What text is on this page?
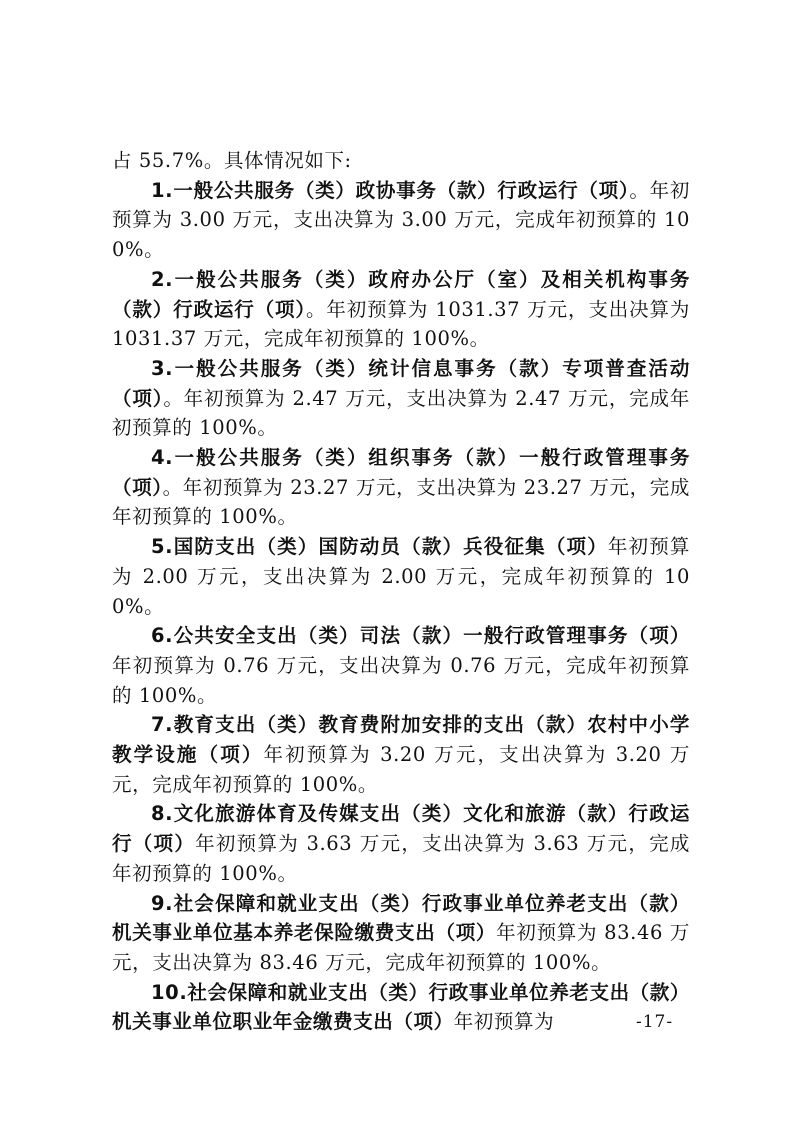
占 55.7%。具体情况如下:

1.一般公共服务（类）政协事务（款）行政运行（项）。年初预算为 3.00 万元，支出决算为 3.00 万元，完成年初预算的 100%。

2.一般公共服务（类）政府办公厅（室）及相关机构事务（款）行政运行（项）。年初预算为 1031.37 万元，支出决算为 1031.37 万元，完成年初预算的 100%。

3.一般公共服务（类）统计信息事务（款）专项普查活动（项）。年初预算为 2.47 万元，支出决算为 2.47 万元，完成年初预算的 100%。

4.一般公共服务（类）组织事务（款）一般行政管理事务（项）。年初预算为 23.27 万元，支出决算为 23.27 万元，完成年初预算的 100%。

5.国防支出（类）国防动员（款）兵役征集（项）年初预算为 2.00 万元，支出决算为 2.00 万元，完成年初预算的 100%。

6.公共安全支出（类）司法（款）一般行政管理事务（项）年初预算为 0.76 万元，支出决算为 0.76 万元，完成年初预算的 100%。

7.教育支出（类）教育费附加安排的支出（款）农村中小学教学设施（项）年初预算为 3.20 万元，支出决算为 3.20 万元，完成年初预算的 100%。

8.文化旅游体育及传媒支出（类）文化和旅游（款）行政运行（项）年初预算为 3.63 万元，支出决算为 3.63 万元，完成年初预算的 100%。

9.社会保障和就业支出（类）行政事业单位养老支出（款）机关事业单位基本养老保险缴费支出（项）年初预算为 83.46 万元，支出决算为 83.46 万元，完成年初预算的 100%。

10.社会保障和就业支出（类）行政事业单位养老支出（款）机关事业单位职业年金缴费支出（项）年初预算为	-17-
